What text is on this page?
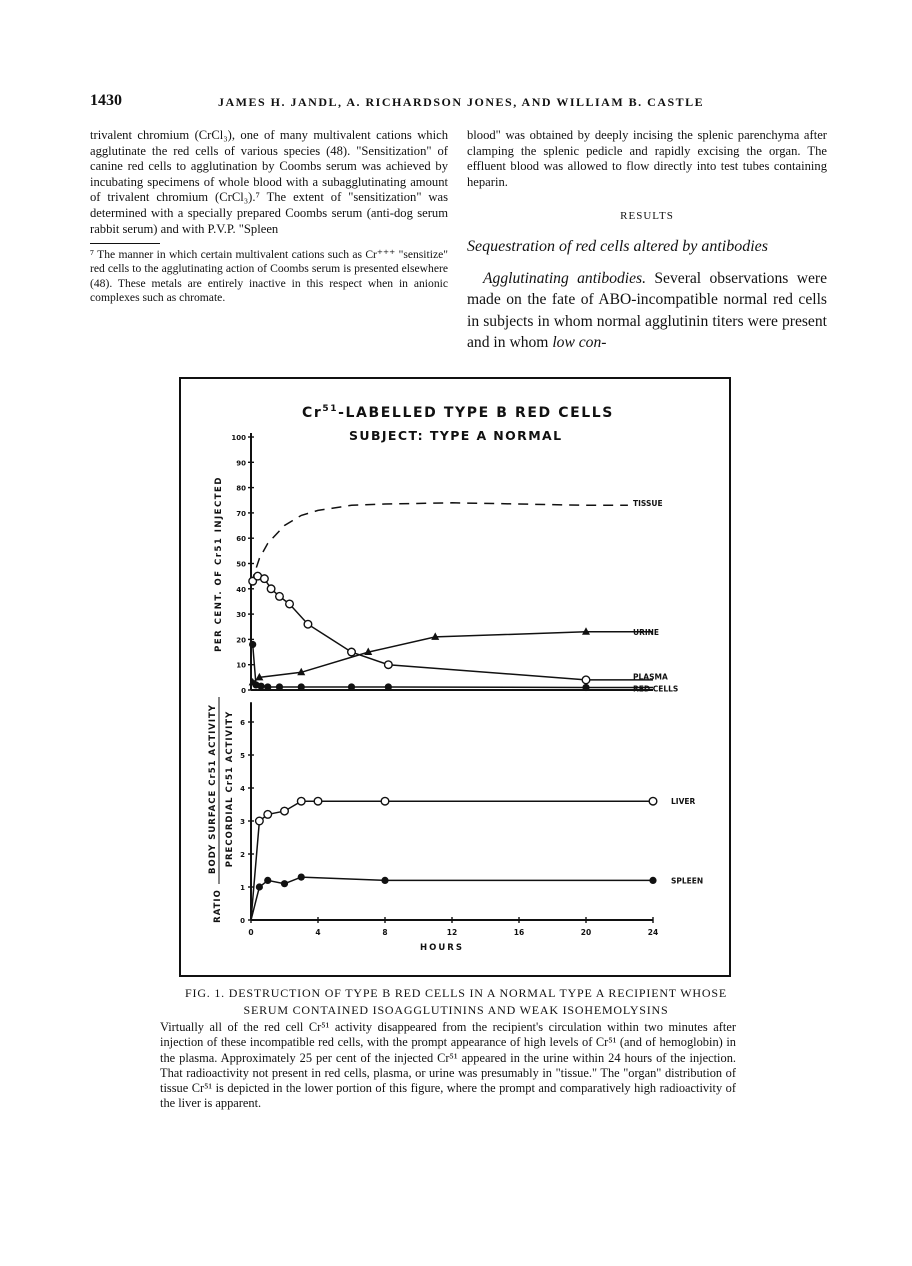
1430	JAMES H. JANDL, A. RICHARDSON JONES, AND WILLIAM B. CASTLE

trivalent chromium (CrCl₃), one of many multivalent cations which agglutinate the red cells of various species (48). "Sensitization" of canine red cells to agglutination by Coombs serum was achieved by incubating specimens of whole blood with a subagglutinating amount of trivalent chromium (CrCl₃).⁷ The extent of "sensitization" was determined with a specially prepared Coombs serum (anti-dog serum rabbit serum) and with P.V.P. "Spleen

⁷ The manner in which certain multivalent cations such as Cr⁺⁺⁺ "sensitize" red cells to the agglutinating action of Coombs serum is presented elsewhere (48). These metals are entirely inactive in this respect when in anionic complexes such as chromate.

blood" was obtained by deeply incising the splenic parenchyma after clamping the splenic pedicle and rapidly excising the organ. The effluent blood was allowed to flow directly into test tubes containing heparin.

RESULTS
Sequestration of red cells altered by antibodies

Agglutinating antibodies. Several observations were made on the fate of ABO-incompatible normal red cells in subjects in whom normal agglutinin titers were present and in whom low con-

Cr$^{51}$-LABELLED TYPE B RED CELLS
SUBJECT: TYPE A NORMAL
0
10
20
30
40
50
60
70
80
90
100
PER CENT. OF Cr51 INJECTED	TISSUE
URINE
PLASMA
RED CELLS
0
1
2
3
4
5
6
0	4	8	12	16	20	24
HOURS
BODY SURFACE Cr51 ACTIVITY PRECORDIAL Cr51 ACTIVITY
RATIO
LIVER
SPLEEN
FIG. 1. DESTRUCTION OF TYPE B RED CELLS IN A NORMAL TYPE A RECIPIENT WHOSE
SERUM CONTAINED ISOAGGLUTININS AND WEAK ISOHEMOLYSINS
Virtually all of the red cell Cr⁵¹ activity disappeared from the recipient's circulation within two minutes after injection of these incompatible red cells, with the prompt appearance of high levels of Cr⁵¹ (and of hemoglobin) in the plasma. Approximately 25 per cent of the injected Cr⁵¹ appeared in the urine within 24 hours of the injection. That radioactivity not present in red cells, plasma, or urine was presumably in "tissue." The "organ" distribution of tissue Cr⁵¹ is depicted in the lower portion of this figure, where the prompt and comparatively high radioactivity of the liver is apparent.
